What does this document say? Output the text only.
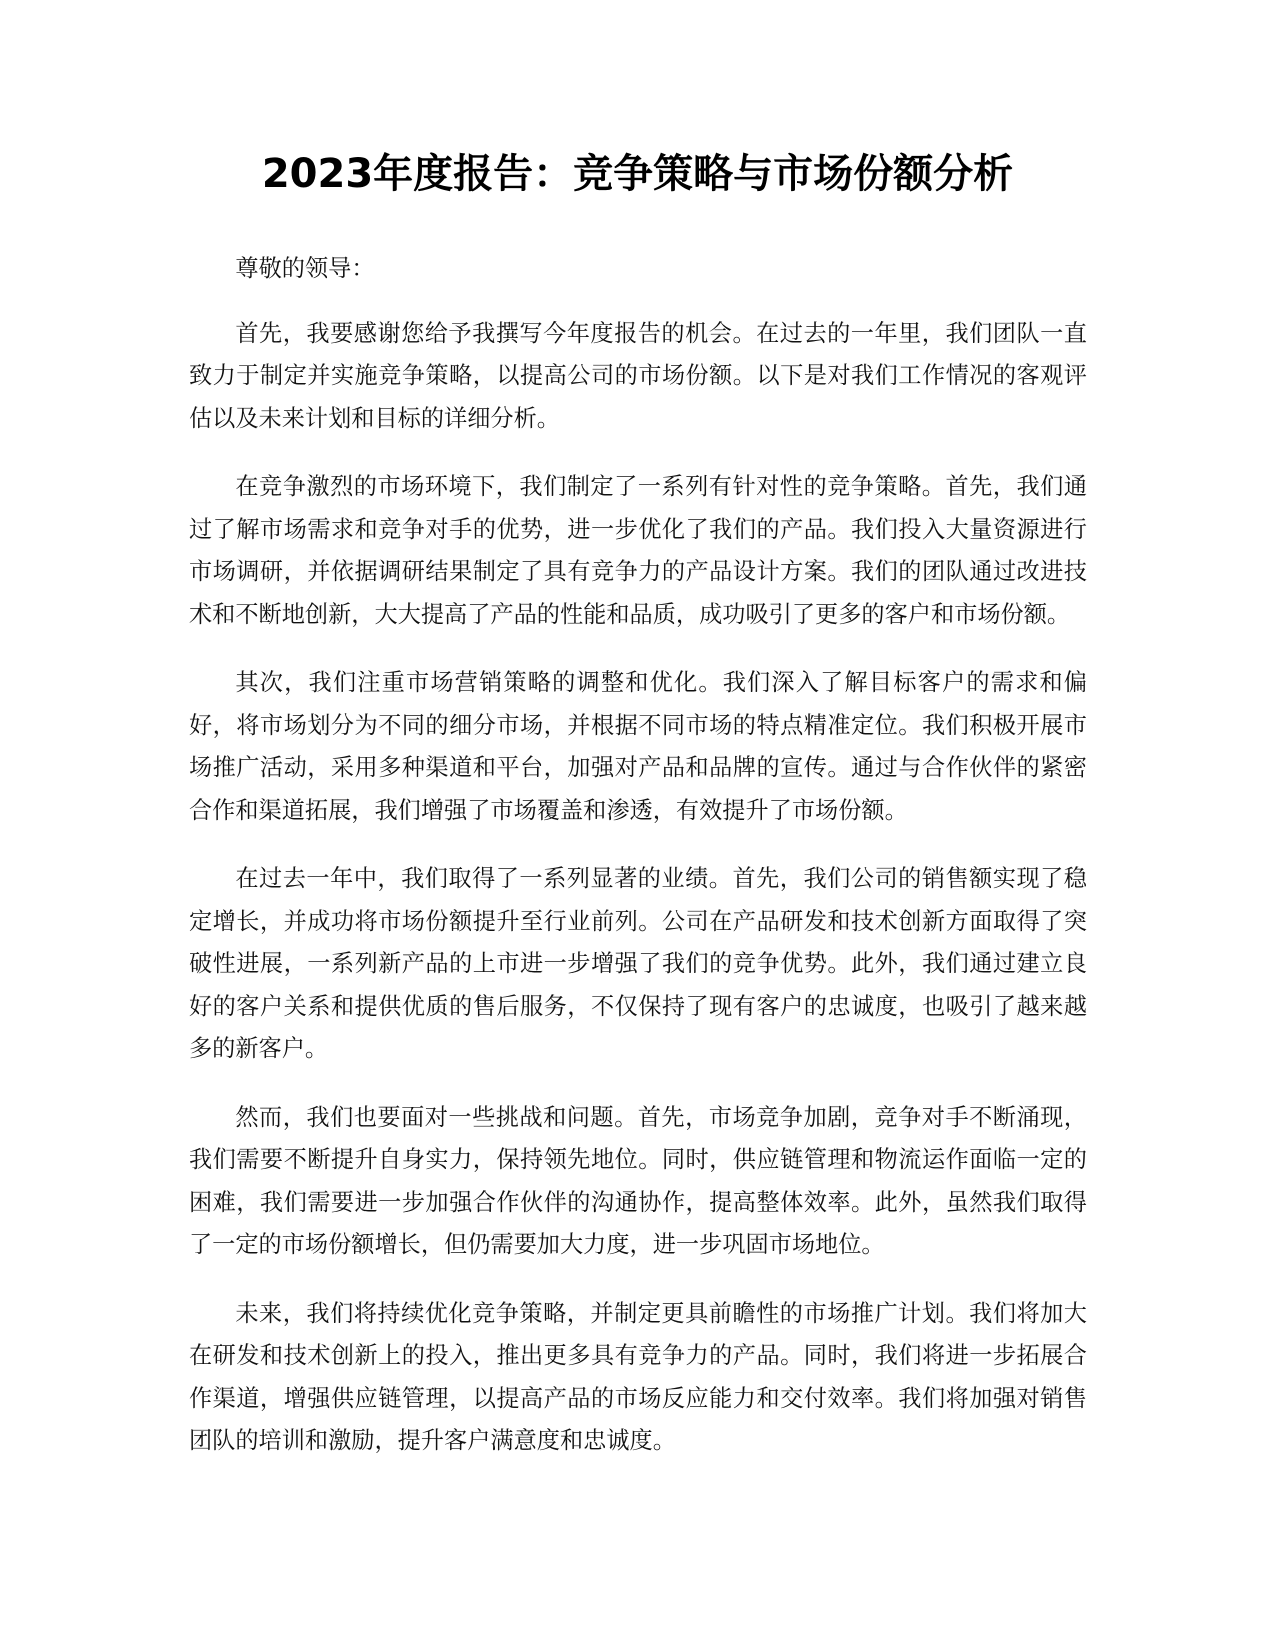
2023年度报告：竞争策略与市场份额分析

尊敬的领导：

首先，我要感谢您给予我撰写今年度报告的机会。在过去的一年里，我们团队一直致力于制定并实施竞争策略，以提高公司的市场份额。以下是对我们工作情况的客观评估以及未来计划和目标的详细分析。

在竞争激烈的市场环境下，我们制定了一系列有针对性的竞争策略。首先，我们通过了解市场需求和竞争对手的优势，进一步优化了我们的产品。我们投入大量资源进行市场调研，并依据调研结果制定了具有竞争力的产品设计方案。我们的团队通过改进技术和不断地创新，大大提高了产品的性能和品质，成功吸引了更多的客户和市场份额。

其次，我们注重市场营销策略的调整和优化。我们深入了解目标客户的需求和偏好，将市场划分为不同的细分市场，并根据不同市场的特点精准定位。我们积极开展市场推广活动，采用多种渠道和平台，加强对产品和品牌的宣传。通过与合作伙伴的紧密合作和渠道拓展，我们增强了市场覆盖和渗透，有效提升了市场份额。

在过去一年中，我们取得了一系列显著的业绩。首先，我们公司的销售额实现了稳定增长，并成功将市场份额提升至行业前列。公司在产品研发和技术创新方面取得了突破性进展，一系列新产品的上市进一步增强了我们的竞争优势。此外，我们通过建立良好的客户关系和提供优质的售后服务，不仅保持了现有客户的忠诚度，也吸引了越来越多的新客户。

然而，我们也要面对一些挑战和问题。首先，市场竞争加剧，竞争对手不断涌现，我们需要不断提升自身实力，保持领先地位。同时，供应链管理和物流运作面临一定的困难，我们需要进一步加强合作伙伴的沟通协作，提高整体效率。此外，虽然我们取得了一定的市场份额增长，但仍需要加大力度，进一步巩固市场地位。

未来，我们将持续优化竞争策略，并制定更具前瞻性的市场推广计划。我们将加大在研发和技术创新上的投入，推出更多具有竞争力的产品。同时，我们将进一步拓展合作渠道，增强供应链管理，以提高产品的市场反应能力和交付效率。我们将加强对销售团队的培训和激励，提升客户满意度和忠诚度。
